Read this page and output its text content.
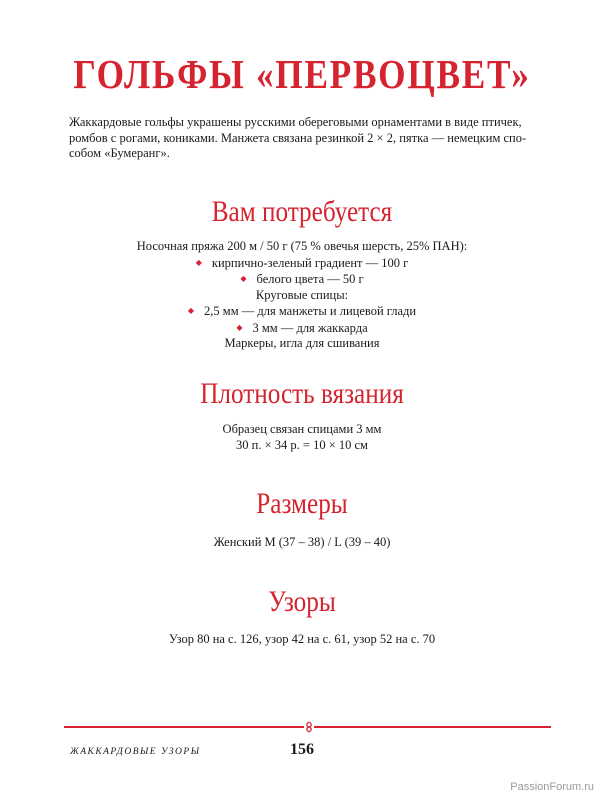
ГОЛЬФЫ «ПЕРВОЦВЕТ»
Жаккардовые гольфы украшены русскими обереговыми орнаментами в виде птичек,
ромбов с рогами, кониками. Манжета связана резинкой 2 × 2, пятка — немецким спо-
собом «Бумеранг».
Вам потребуется
Носочная пряжа 200 м / 50 г (75 % овечья шерсть, 25% ПАН):
◆ кирпично-зеленый градиент — 100 г
◆ белого цвета — 50 г
Круговые спицы:
◆ 2,5 мм — для манжеты и лицевой глади
◆ 3 мм — для жаккарда
Маркеры, игла для сшивания
Плотность вязания
Образец связан спицами 3 мм
30 п. × 34 р. = 10 × 10 см
Размеры
Женский M (37 – 38) / L (39 – 40)
Узоры
Узор 80 на с. 126, узор 42 на с. 61, узор 52 на с. 70
ЖАККАРДОВЫЕ УЗОРЫ	156
PassionForum.ru
